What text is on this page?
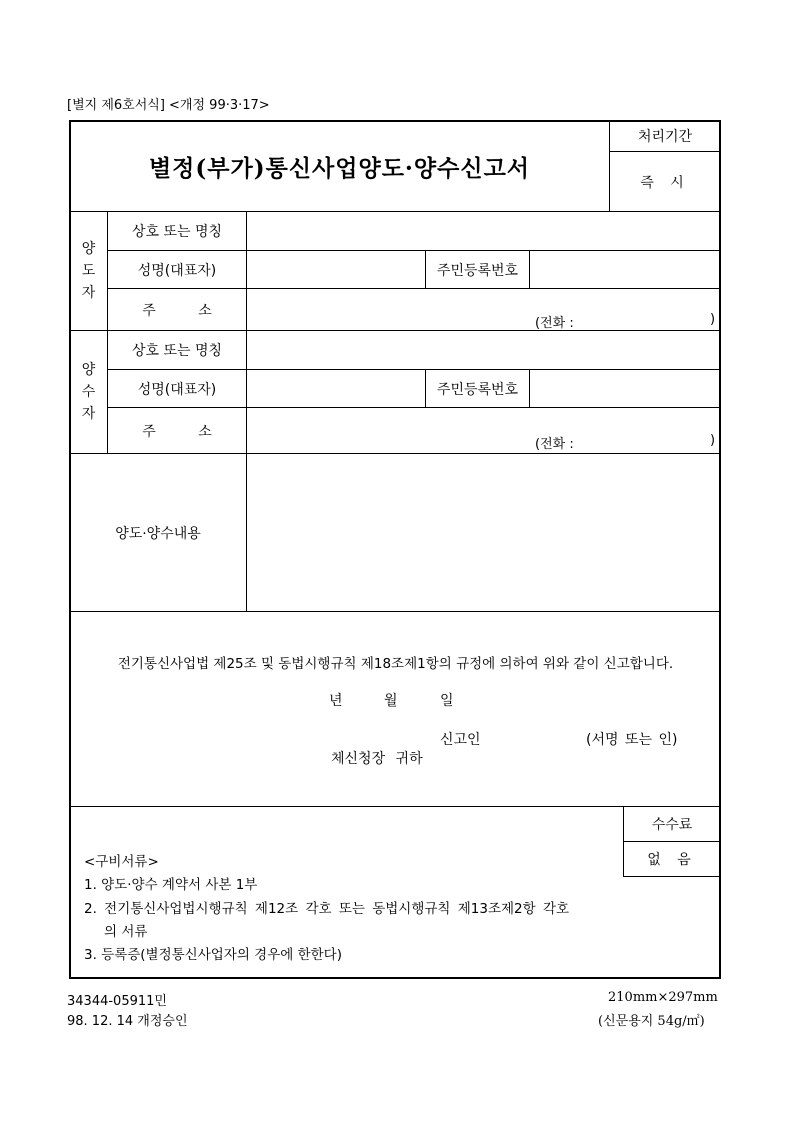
[별지 제6호서식] <개정 99·3·17>
별정(부가)통신사업양도·양수신고서
처리기간
즉 시
양
도
자
상호 또는 명칭
성명(대표자)	주민등록번호
주 소
(전화 :	)
양
수
자
상호 또는 명칭
성명(대표자)	주민등록번호
주 소
(전화 :	)
양도·양수내용
전기통신사업법 제25조 및 동법시행규칙 제18조제1항의 규정에 의하여 위와 같이 신고합니다.
년	월	일
신고인	(서명 또는 인)
체신청장 귀하
수수료
없 음
<구비서류>
1. 양도·양수 계약서 사본 1부
2. 전기통신사업법시행규칙 제12조 각호 또는 동법시행규칙 제13조제2항 각호
의 서류
3. 등록증(별정통신사업자의 경우에 한한다)
34344-05911민
98. 12. 14 개정승인
210mm×297mm
(신문용지 54g/㎡)
